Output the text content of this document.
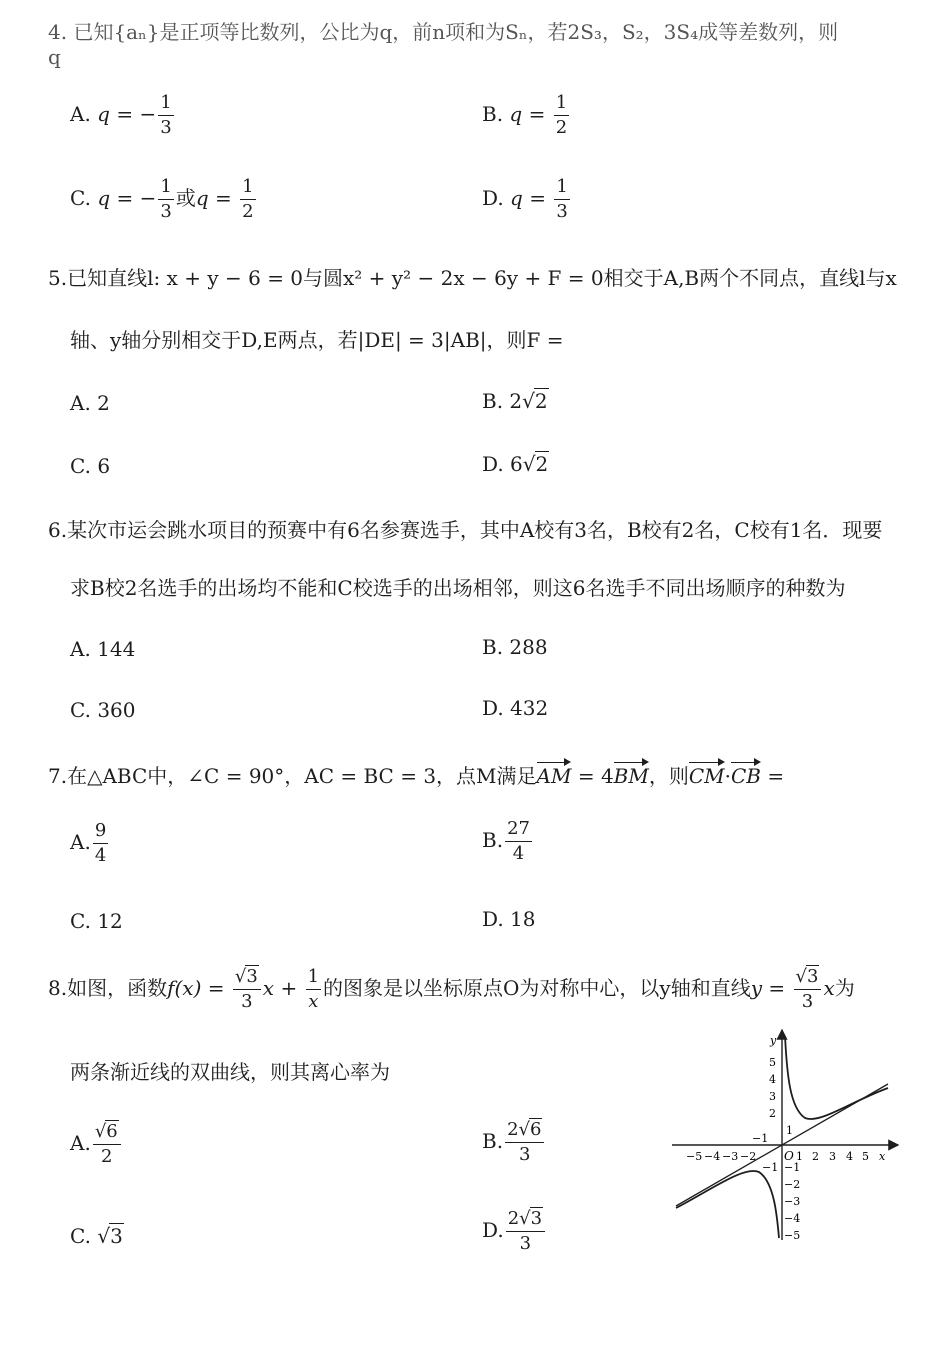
4. 已知{aₙ}是正项等比数列，公比为q，前n项和为Sₙ，若2S₃，S₂，3S₄成等差数列，则q
A. q = − $\frac{1}{3}$	B. $q = \frac{1}{2}$
C. q = − $\frac{1}{3}$ 或$q = \frac{1}{2}$	D. $q = \frac{1}{3}$
5.已知直线l: x + y − 6 = 0与圆x² + y² − 2x − 6y + F = 0相交于A,B两个不同点，直线l与x
轴、y轴分别相交于D,E两点，若|DE| = 3|AB|，则F =
A. 2	B. 2√2
C. 6	D. 6√2
6.某次市运会跳水项目的预赛中有6名参赛选手，其中A校有3名，B校有2名，C校有1名．现要
求B校2名选手的出场均不能和C校选手的出场相邻，则这6名选手不同出场顺序的种数为
A. 144	B. 288
C. 360	D. 432
7.在△ABC中，∠C = 90°，AC = BC = 3，点M满足AM = 4BM，则CM·CB =
A. $\frac{9}{4}$	B. $\frac{27}{4}$
C. 12	D. 18
8.如图，函数$f(x) = \frac{√3}{3}$ $x + \frac{1}{x}$ 的图象是以坐标原点O为对称中心，以y轴和直线$y = \frac{√3}{3}$ x为
两条渐近线的双曲线，则其离心率为
A. $\frac{√6}{2}$	B. $\frac{2√6}{3}$
C. √3	D. $\frac{2√3}{3}$
x
y
O
−5 −4 −3 −2	1 2 3 4 5
−1
5
4
3
2
1
−1 −1
−2
−3
−4
−5
